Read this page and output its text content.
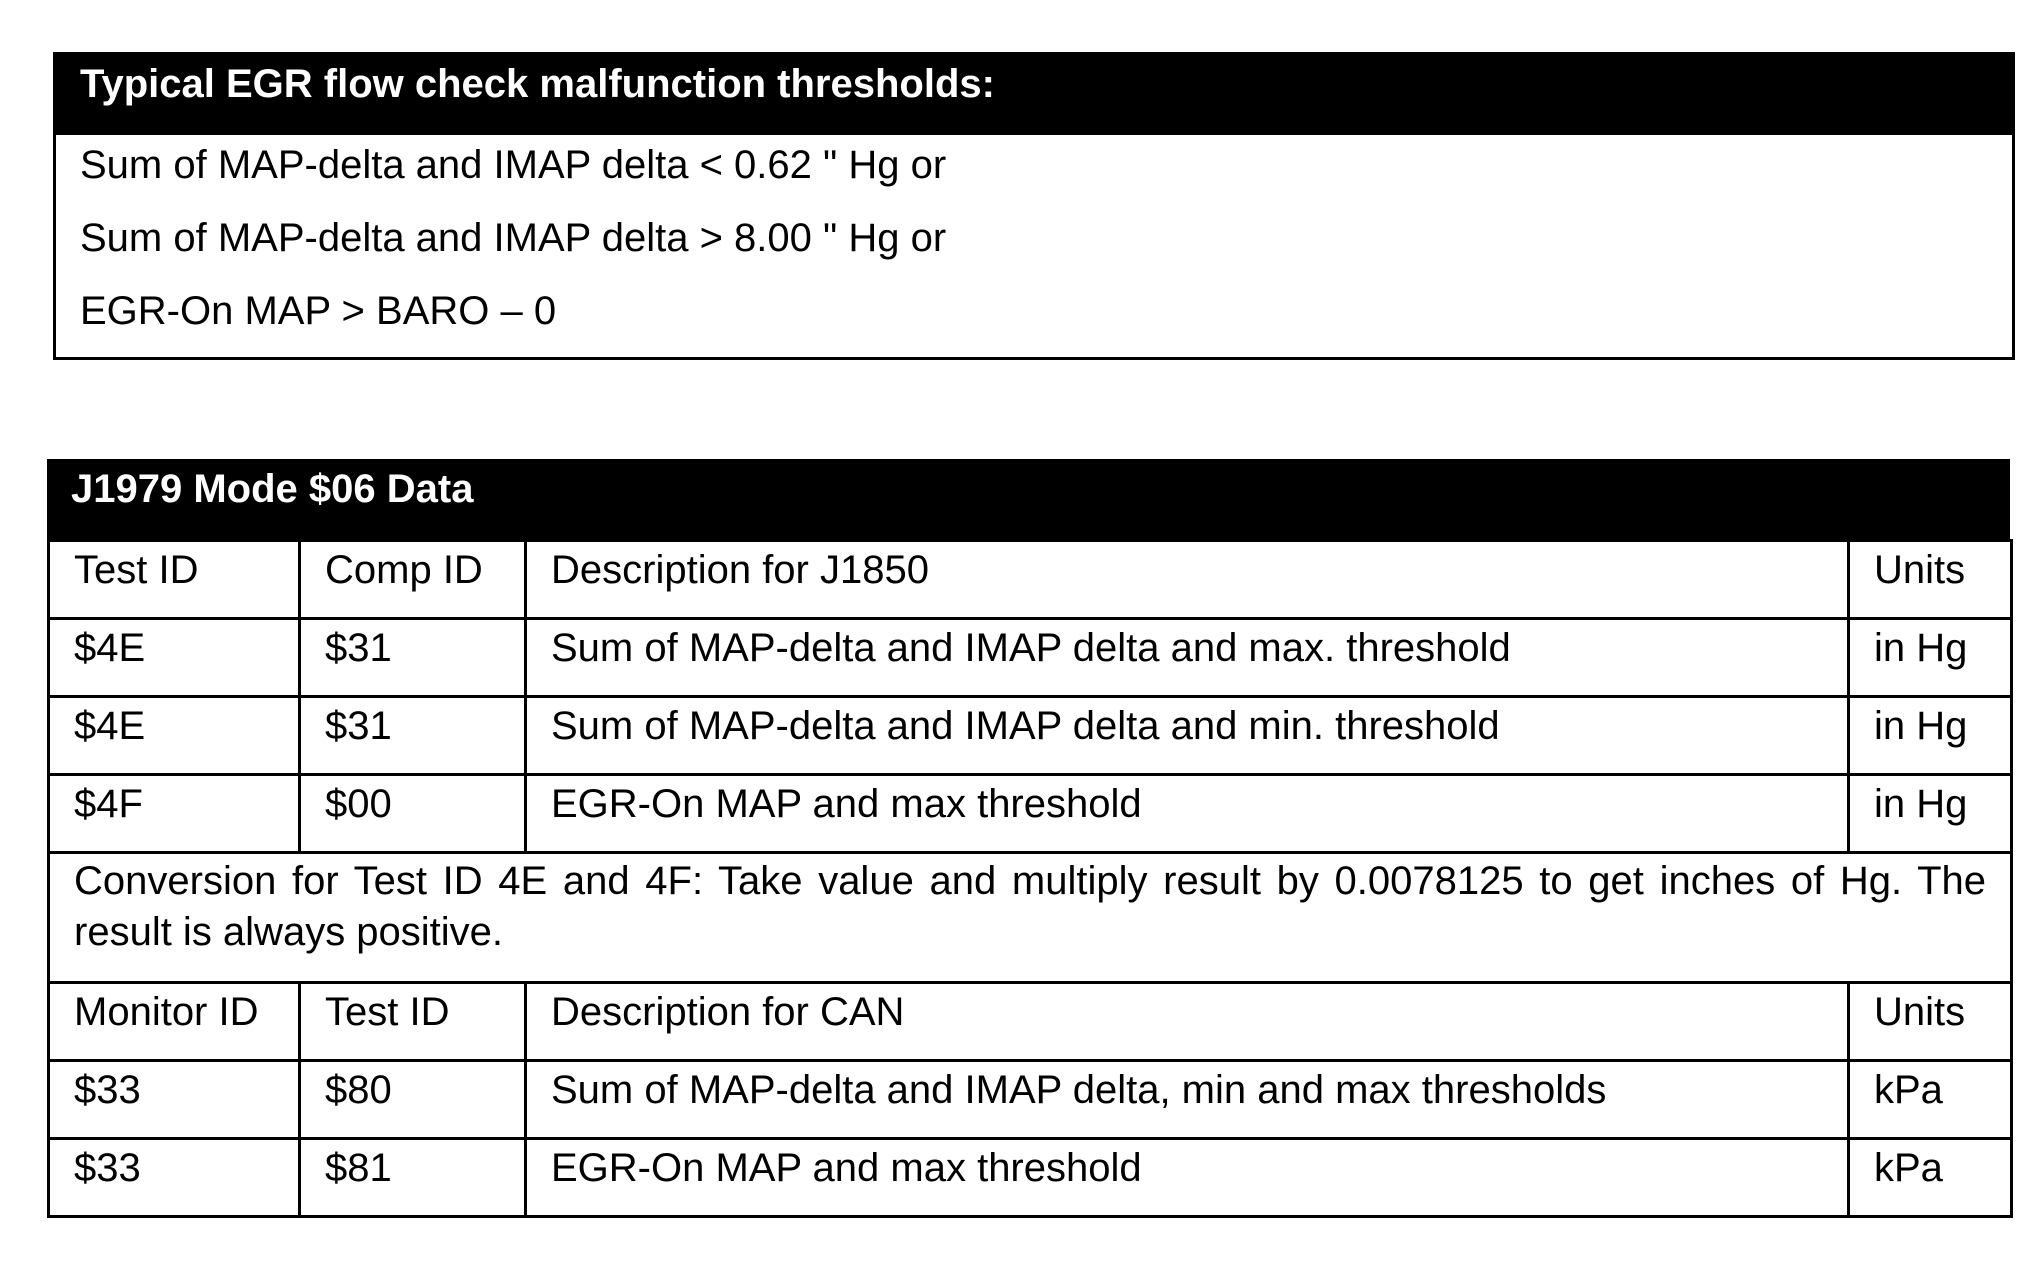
Typical EGR flow check malfunction thresholds:
Sum of MAP-delta and IMAP delta < 0.62 " Hg or
Sum of MAP-delta and IMAP delta > 8.00 " Hg or
EGR-On MAP > BARO – 0
J1979 Mode $06 Data
Test ID	Comp ID	Description for J1850	Units
$4E	$31	Sum of MAP-delta and IMAP delta and max. threshold	in Hg
$4E	$31	Sum of MAP-delta and IMAP delta and min. threshold	in Hg
$4F	$00	EGR-On MAP and max threshold	in Hg
Conversion for Test ID 4E and 4F: Take value and multiply result by 0.0078125 to get inches of Hg. The result is always positive.			
Monitor ID	Test ID	Description for CAN	Units
$33	$80	Sum of MAP-delta and IMAP delta, min and max thresholds	kPa
$33	$81	EGR-On MAP and max threshold	kPa
